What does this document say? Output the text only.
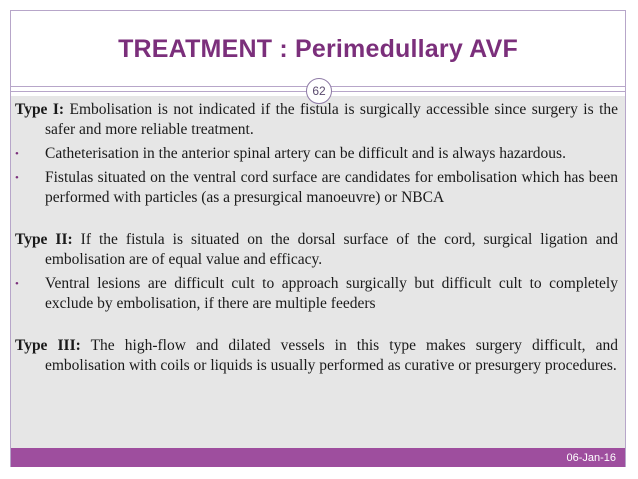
TREATMENT : Perimedullary AVF
62

Type I: Embolisation is not indicated if the fistula is surgically accessible since surgery is the safer and more reliable treatment.

•	Catheterisation in the anterior spinal artery can be difficult and is always hazardous.
•	Fistulas situated on the ventral cord surface are candidates for embolisation which has been performed with particles (as a presurgical manoeuvre) or NBCA

Type II: If the fistula is situated on the dorsal surface of the cord, surgical ligation and embolisation are of equal value and efficacy.

•	Ventral lesions are difficult cult to approach surgically but difficult cult to completely exclude by embolisation, if there are multiple feeders

Type III: The high-flow and dilated vessels in this type makes surgery difficult, and embolisation with coils or liquids is usually performed as curative or presurgery procedures.

06-Jan-16
